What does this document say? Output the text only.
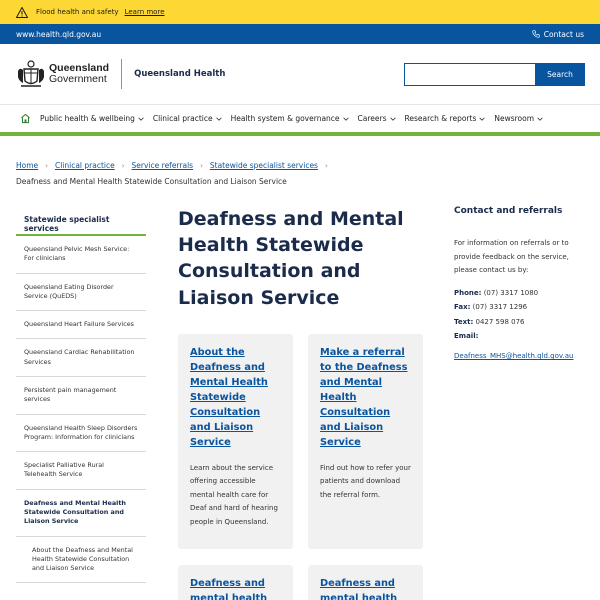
Flood health and safety Learn more
www.health.qld.gov.au	Contact us
Queensland
Government	Queensland Health	Search
Public health & wellbeing Clinical practice Health system & governance Careers Research & reports Newsroom
Home › Clinical practice › Service referrals › Statewide specialist services ›
Deafness and Mental Health Statewide Consultation and Liaison Service
Statewide specialist services
Queensland Pelvic Mesh Service: For clinicians
Queensland Eating Disorder Service (QuEDS)
Queensland Heart Failure Services
Queensland Cardiac Rehabilitation Services
Persistent pain management services
Queensland Health Sleep Disorders Program: Information for clinicians
Specialist Palliative Rural Telehealth Service
Deafness and Mental Health Statewide Consultation and Liaison Service
About the Deafness and Mental Health Statewide Consultation and Liaison Service
Deafness and Mental Health Statewide Consultation and Liaison Service
About the Deafness and Mental Health Statewide Consultation and Liaison Service
Learn about the service offering accessible mental health care for Deaf and hard of hearing people in Queensland.
Make a referral to the Deafness and Mental Health Consultation and Liaison Service
Find out how to refer your patients and download the referral form.
Deafness and mental health
Deafness and mental health
Contact and referrals
For information on referrals or to provide feedback on the service, please contact us by:
Phone: (07) 3317 1080
Fax: (07) 3317 1296
Text: 0427 598 076
Email:
Deafness_MHS@health.qld.gov.au
